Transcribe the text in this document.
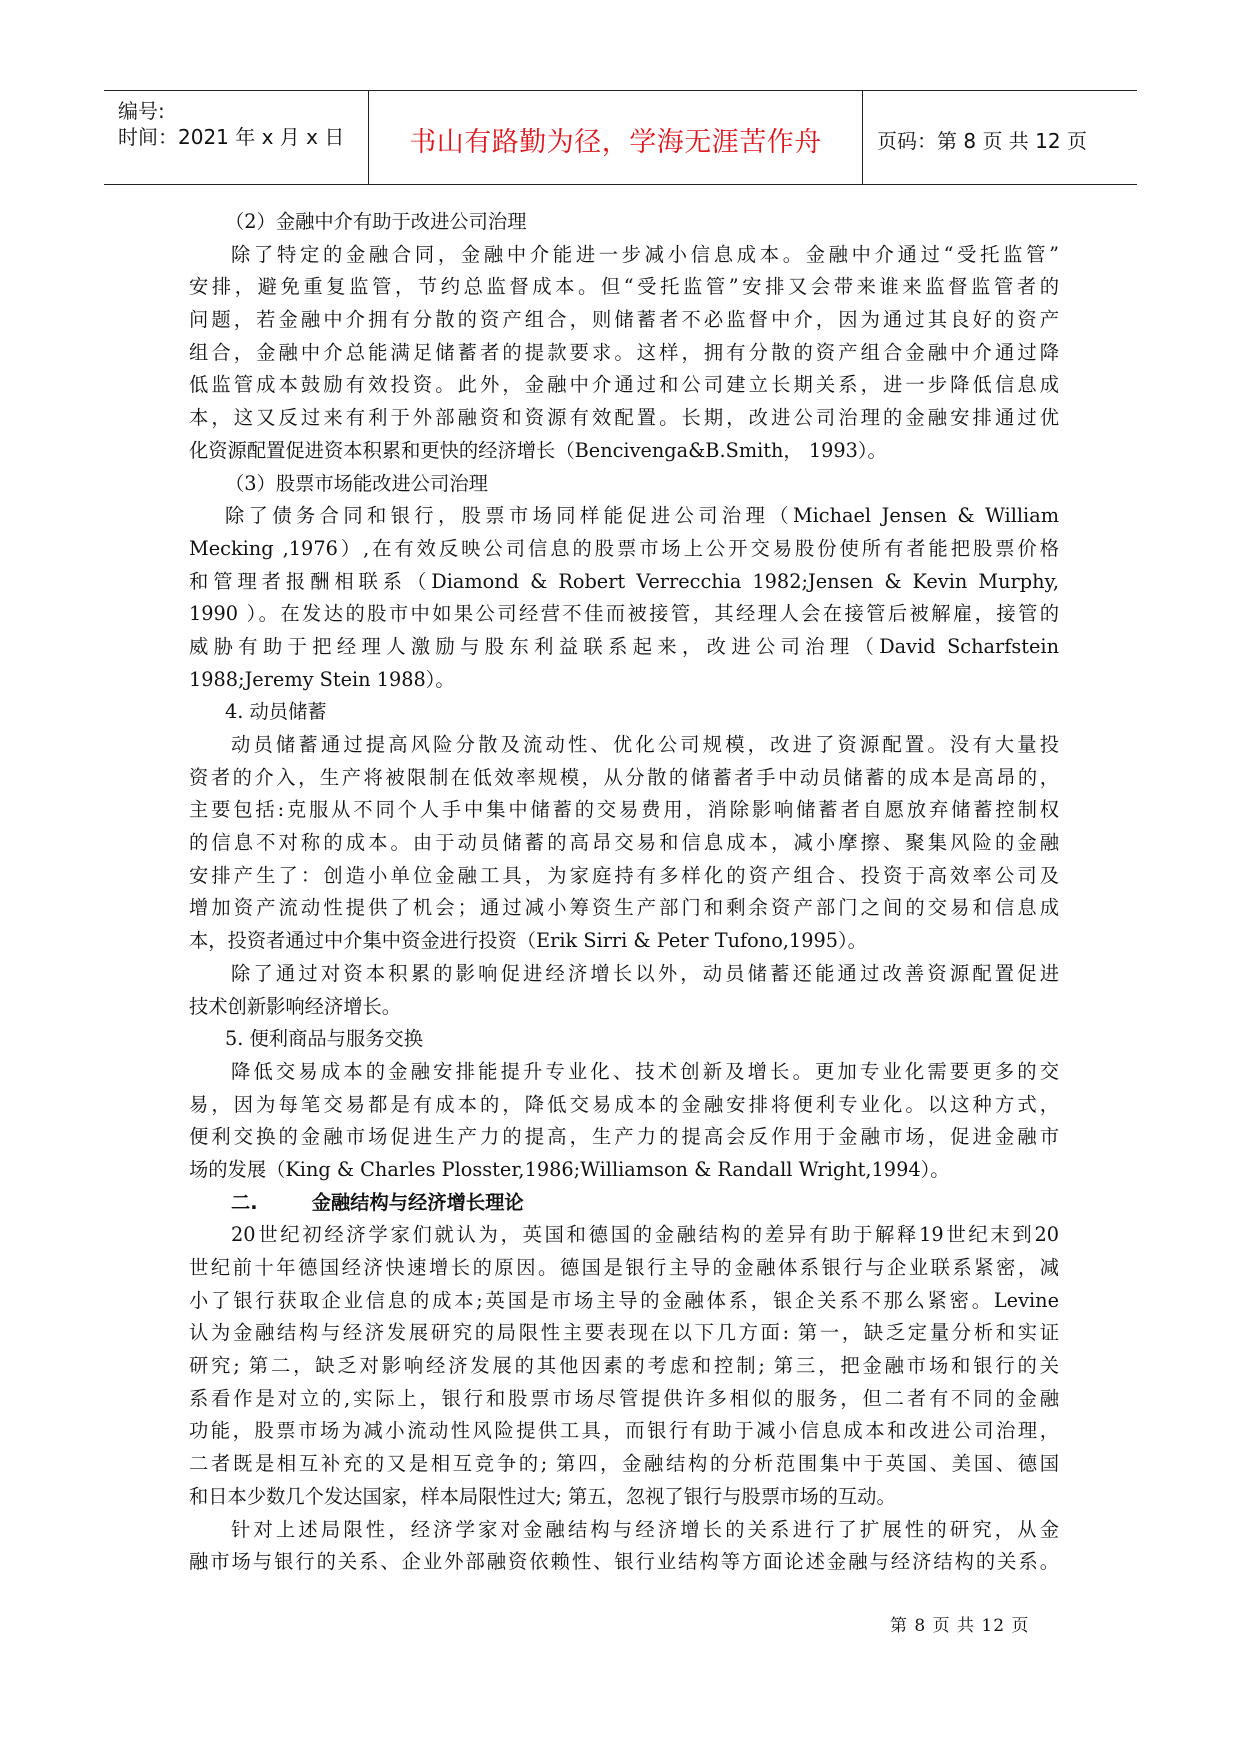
编号:
时间：2021 年 x 月 x 日	书山有路勤为径，学海无涯苦作舟	页码：第 8 页 共 12 页
（2）金融中介有助于改进公司治理
除了特定的金融合同，金融中介能进一步减小信息成本。金融中介通过“受托监管”
安排，避免重复监管，节约总监督成本。但“受托监管”安排又会带来谁来监督监管者的
问题，若金融中介拥有分散的资产组合，则储蓄者不必监督中介，因为通过其良好的资产
组合，金融中介总能满足储蓄者的提款要求。这样，拥有分散的资产组合金融中介通过降
低监管成本鼓励有效投资。此外，金融中介通过和公司建立长期关系，进一步降低信息成
本，这又反过来有利于外部融资和资源有效配置。长期，改进公司治理的金融安排通过优
化资源配置促进资本积累和更快的经济增长（Bencivenga&B.Smith， 1993）。
（3）股票市场能改进公司治理
除了债务合同和银行，股票市场同样能促进公司治理（Michael Jensen & William
Mecking ,1976）,在有效反映公司信息的股票市场上公开交易股份使所有者能把股票价格
和管理者报酬相联系（Diamond & Robert Verrecchia 1982;Jensen & Kevin Murphy,
1990 ）。在发达的股市中如果公司经营不佳而被接管，其经理人会在接管后被解雇，接管的
威胁有助于把经理人激励与股东利益联系起来，改进公司治理（David Scharfstein
1988;Jeremy Stein 1988）。
4. 动员储蓄
动员储蓄通过提高风险分散及流动性、优化公司规模，改进了资源配置。没有大量投
资者的介入，生产将被限制在低效率规模，从分散的储蓄者手中动员储蓄的成本是高昂的，
主要包括:克服从不同个人手中集中储蓄的交易费用，消除影响储蓄者自愿放弃储蓄控制权
的信息不对称的成本。由于动员储蓄的高昂交易和信息成本，减小摩擦、聚集风险的金融
安排产生了：创造小单位金融工具，为家庭持有多样化的资产组合、投资于高效率公司及
增加资产流动性提供了机会；通过减小筹资生产部门和剩余资产部门之间的交易和信息成
本，投资者通过中介集中资金进行投资（Erik Sirri & Peter Tufono,1995）。
除了通过对资本积累的影响促进经济增长以外，动员储蓄还能通过改善资源配置促进
技术创新影响经济增长。
5. 便利商品与服务交换
降低交易成本的金融安排能提升专业化、技术创新及增长。更加专业化需要更多的交
易，因为每笔交易都是有成本的，降低交易成本的金融安排将便利专业化。以这种方式，
便利交换的金融市场促进生产力的提高，生产力的提高会反作用于金融市场，促进金融市
场的发展（King & Charles Plosster,1986;Williamson & Randall Wright,1994）。
二.	金融结构与经济增长理论
20世纪初经济学家们就认为，英国和德国的金融结构的差异有助于解释19世纪末到20
世纪前十年德国经济快速增长的原因。德国是银行主导的金融体系银行与企业联系紧密，减
小了银行获取企业信息的成本;英国是市场主导的金融体系，银企关系不那么紧密。Levine
认为金融结构与经济发展研究的局限性主要表现在以下几方面: 第一，缺乏定量分析和实证
研究; 第二，缺乏对影响经济发展的其他因素的考虑和控制; 第三，把金融市场和银行的关
系看作是对立的,实际上，银行和股票市场尽管提供许多相似的服务，但二者有不同的金融
功能，股票市场为减小流动性风险提供工具，而银行有助于减小信息成本和改进公司治理，
二者既是相互补充的又是相互竞争的; 第四，金融结构的分析范围集中于英国、美国、德国
和日本少数几个发达国家，样本局限性过大; 第五，忽视了银行与股票市场的互动。
针对上述局限性，经济学家对金融结构与经济增长的关系进行了扩展性的研究，从金
融市场与银行的关系、企业外部融资依赖性、银行业结构等方面论述金融与经济结构的关系。
第 8 页 共 12 页
